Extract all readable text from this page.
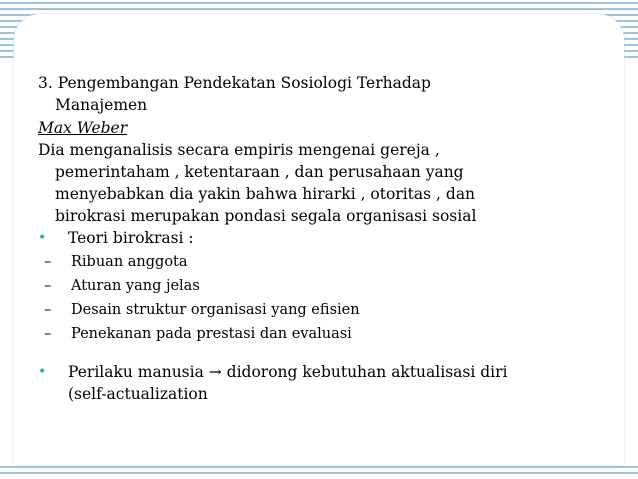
3. Pengembangan Pendekatan Sosiologi Terhadap
Manajemen

Max Weber

Dia menganalisis secara empiris mengenai gereja ,
pemerintaham , ketentaraan , dan perusahaan yang
menyebabkan dia yakin bahwa hirarki , otoritas , dan
birokrasi merupakan pondasi segala organisasi sosial

•	Teori birokrasi :
–	Ribuan anggota
–	Aturan yang jelas
–	Desain struktur organisasi yang efisien
–	Penekanan pada prestasi dan evaluasi
•	Perilaku manusia → didorong kebutuhan aktualisasi diri
(self-actualization
